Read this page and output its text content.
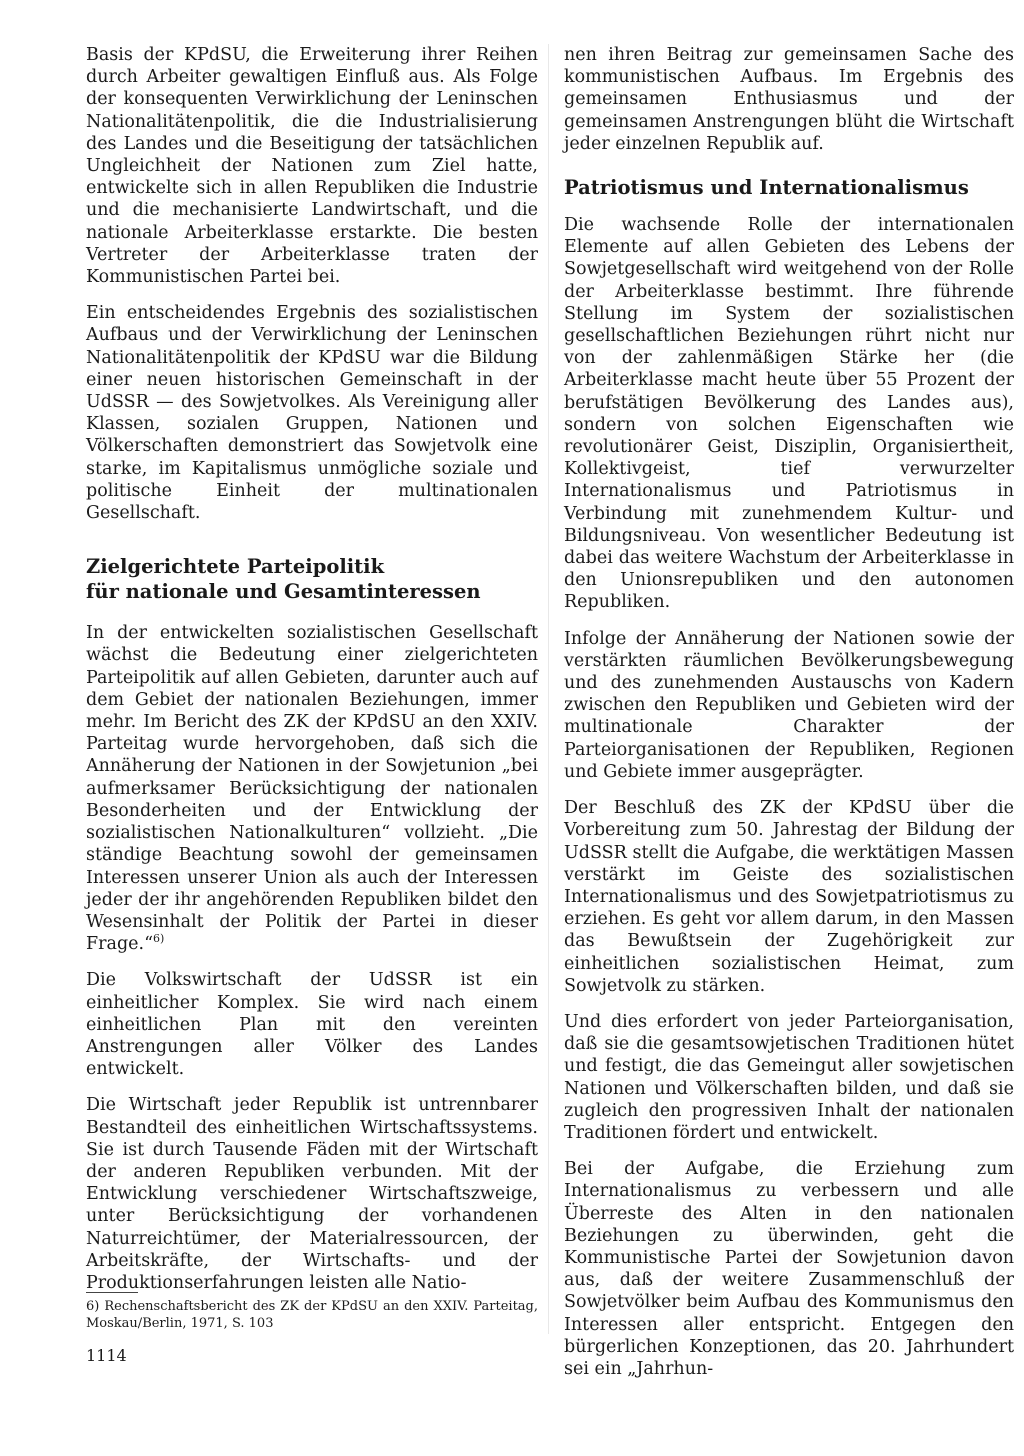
Basis der KPdSU, die Erweiterung ihrer Reihen durch Arbeiter gewaltigen Einfluß aus. Als Folge der konsequenten Verwirklichung der Leninschen Nationalitätenpolitik, die die Industrialisierung des Landes und die Beseitigung der tatsächlichen Ungleichheit der Nationen zum Ziel hatte, entwickelte sich in allen Republiken die Industrie und die mechanisierte Landwirtschaft, und die nationale Arbeiterklasse erstarkte. Die besten Vertreter der Arbeiterklasse traten der Kommunistischen Partei bei.

Ein entscheidendes Ergebnis des sozialistischen Aufbaus und der Verwirklichung der Leninschen Nationalitätenpolitik der KPdSU war die Bildung einer neuen historischen Gemeinschaft in der UdSSR — des Sowjetvolkes. Als Vereinigung aller Klassen, sozialen Gruppen, Nationen und Völkerschaften demonstriert das Sowjetvolk eine starke, im Kapitalismus unmögliche soziale und politische Einheit der multinationalen Gesellschaft.

Zielgerichtete Parteipolitik
für nationale und Gesamtinteressen

In der entwickelten sozialistischen Gesellschaft wächst die Bedeutung einer zielgerichteten Parteipolitik auf allen Gebieten, darunter auch auf dem Gebiet der nationalen Beziehungen, immer mehr. Im Bericht des ZK der KPdSU an den XXIV. Parteitag wurde hervorgehoben, daß sich die Annäherung der Nationen in der Sowjetunion „bei aufmerksamer Berücksichtigung der nationalen Besonderheiten und der Entwicklung der sozialistischen Nationalkulturen“ vollzieht. „Die ständige Beachtung sowohl der gemeinsamen Interessen unserer Union als auch der Interessen jeder der ihr angehörenden Republiken bildet den Wesensinhalt der Politik der Partei in dieser Frage.“$^{6)}$

Die Volkswirtschaft der UdSSR ist ein einheitlicher Komplex. Sie wird nach einem einheitlichen Plan mit den vereinten Anstrengungen aller Völker des Landes entwickelt.

Die Wirtschaft jeder Republik ist untrennbarer Bestandteil des einheitlichen Wirtschaftssystems. Sie ist durch Tausende Fäden mit der Wirtschaft der anderen Republiken verbunden. Mit der Entwicklung verschiedener Wirtschaftszweige, unter Berücksichtigung der vorhandenen Naturreichtümer, der Materialressourcen, der Arbeitskräfte, der Wirtschafts- und der Produktionserfahrungen leisten alle Natio-

6) Rechenschaftsbericht des ZK der KPdSU an den XXIV. Parteitag, Moskau/Berlin, 1971, S. 103
1114

nen ihren Beitrag zur gemeinsamen Sache des kommunistischen Aufbaus. Im Ergebnis des gemeinsamen Enthusiasmus und der gemeinsamen Anstrengungen blüht die Wirtschaft jeder einzelnen Republik auf.

Patriotismus und Internationalismus

Die wachsende Rolle der internationalen Elemente auf allen Gebieten des Lebens der Sowjetgesellschaft wird weitgehend von der Rolle der Arbeiterklasse bestimmt. Ihre führende Stellung im System der sozialistischen gesellschaftlichen Beziehungen rührt nicht nur von der zahlenmäßigen Stärke her (die Arbeiterklasse macht heute über 55 Prozent der berufstätigen Bevölkerung des Landes aus), sondern von solchen Eigenschaften wie revolutionärer Geist, Disziplin, Organisiertheit, Kollektivgeist, tief verwurzelter Internationalismus und Patriotismus in Verbindung mit zunehmendem Kultur- und Bildungsniveau. Von wesentlicher Bedeutung ist dabei das weitere Wachstum der Arbeiterklasse in den Unionsrepubliken und den autonomen Republiken.

Infolge der Annäherung der Nationen sowie der verstärkten räumlichen Bevölkerungsbewegung und des zunehmenden Austauschs von Kadern zwischen den Republiken und Gebieten wird der multinationale Charakter der Parteiorganisationen der Republiken, Regionen und Gebiete immer ausgeprägter.

Der Beschluß des ZK der KPdSU über die Vorbereitung zum 50. Jahrestag der Bildung der UdSSR stellt die Aufgabe, die werktätigen Massen verstärkt im Geiste des sozialistischen Internationalismus und des Sowjetpatriotismus zu erziehen. Es geht vor allem darum, in den Massen das Bewußtsein der Zugehörigkeit zur einheitlichen sozialistischen Heimat, zum Sowjetvolk zu stärken.

Und dies erfordert von jeder Parteiorganisation, daß sie die gesamtsowjetischen Traditionen hütet und festigt, die das Gemeingut aller sowjetischen Nationen und Völkerschaften bilden, und daß sie zugleich den progressiven Inhalt der nationalen Traditionen fördert und entwickelt.

Bei der Aufgabe, die Erziehung zum Internationalismus zu verbessern und alle Überreste des Alten in den nationalen Beziehungen zu überwinden, geht die Kommunistische Partei der Sowjetunion davon aus, daß der weitere Zusammenschluß der Sowjetvölker beim Aufbau des Kommunismus den Interessen aller entspricht. Entgegen den bürgerlichen Konzeptionen, das 20. Jahrhundert sei ein „Jahrhun-
